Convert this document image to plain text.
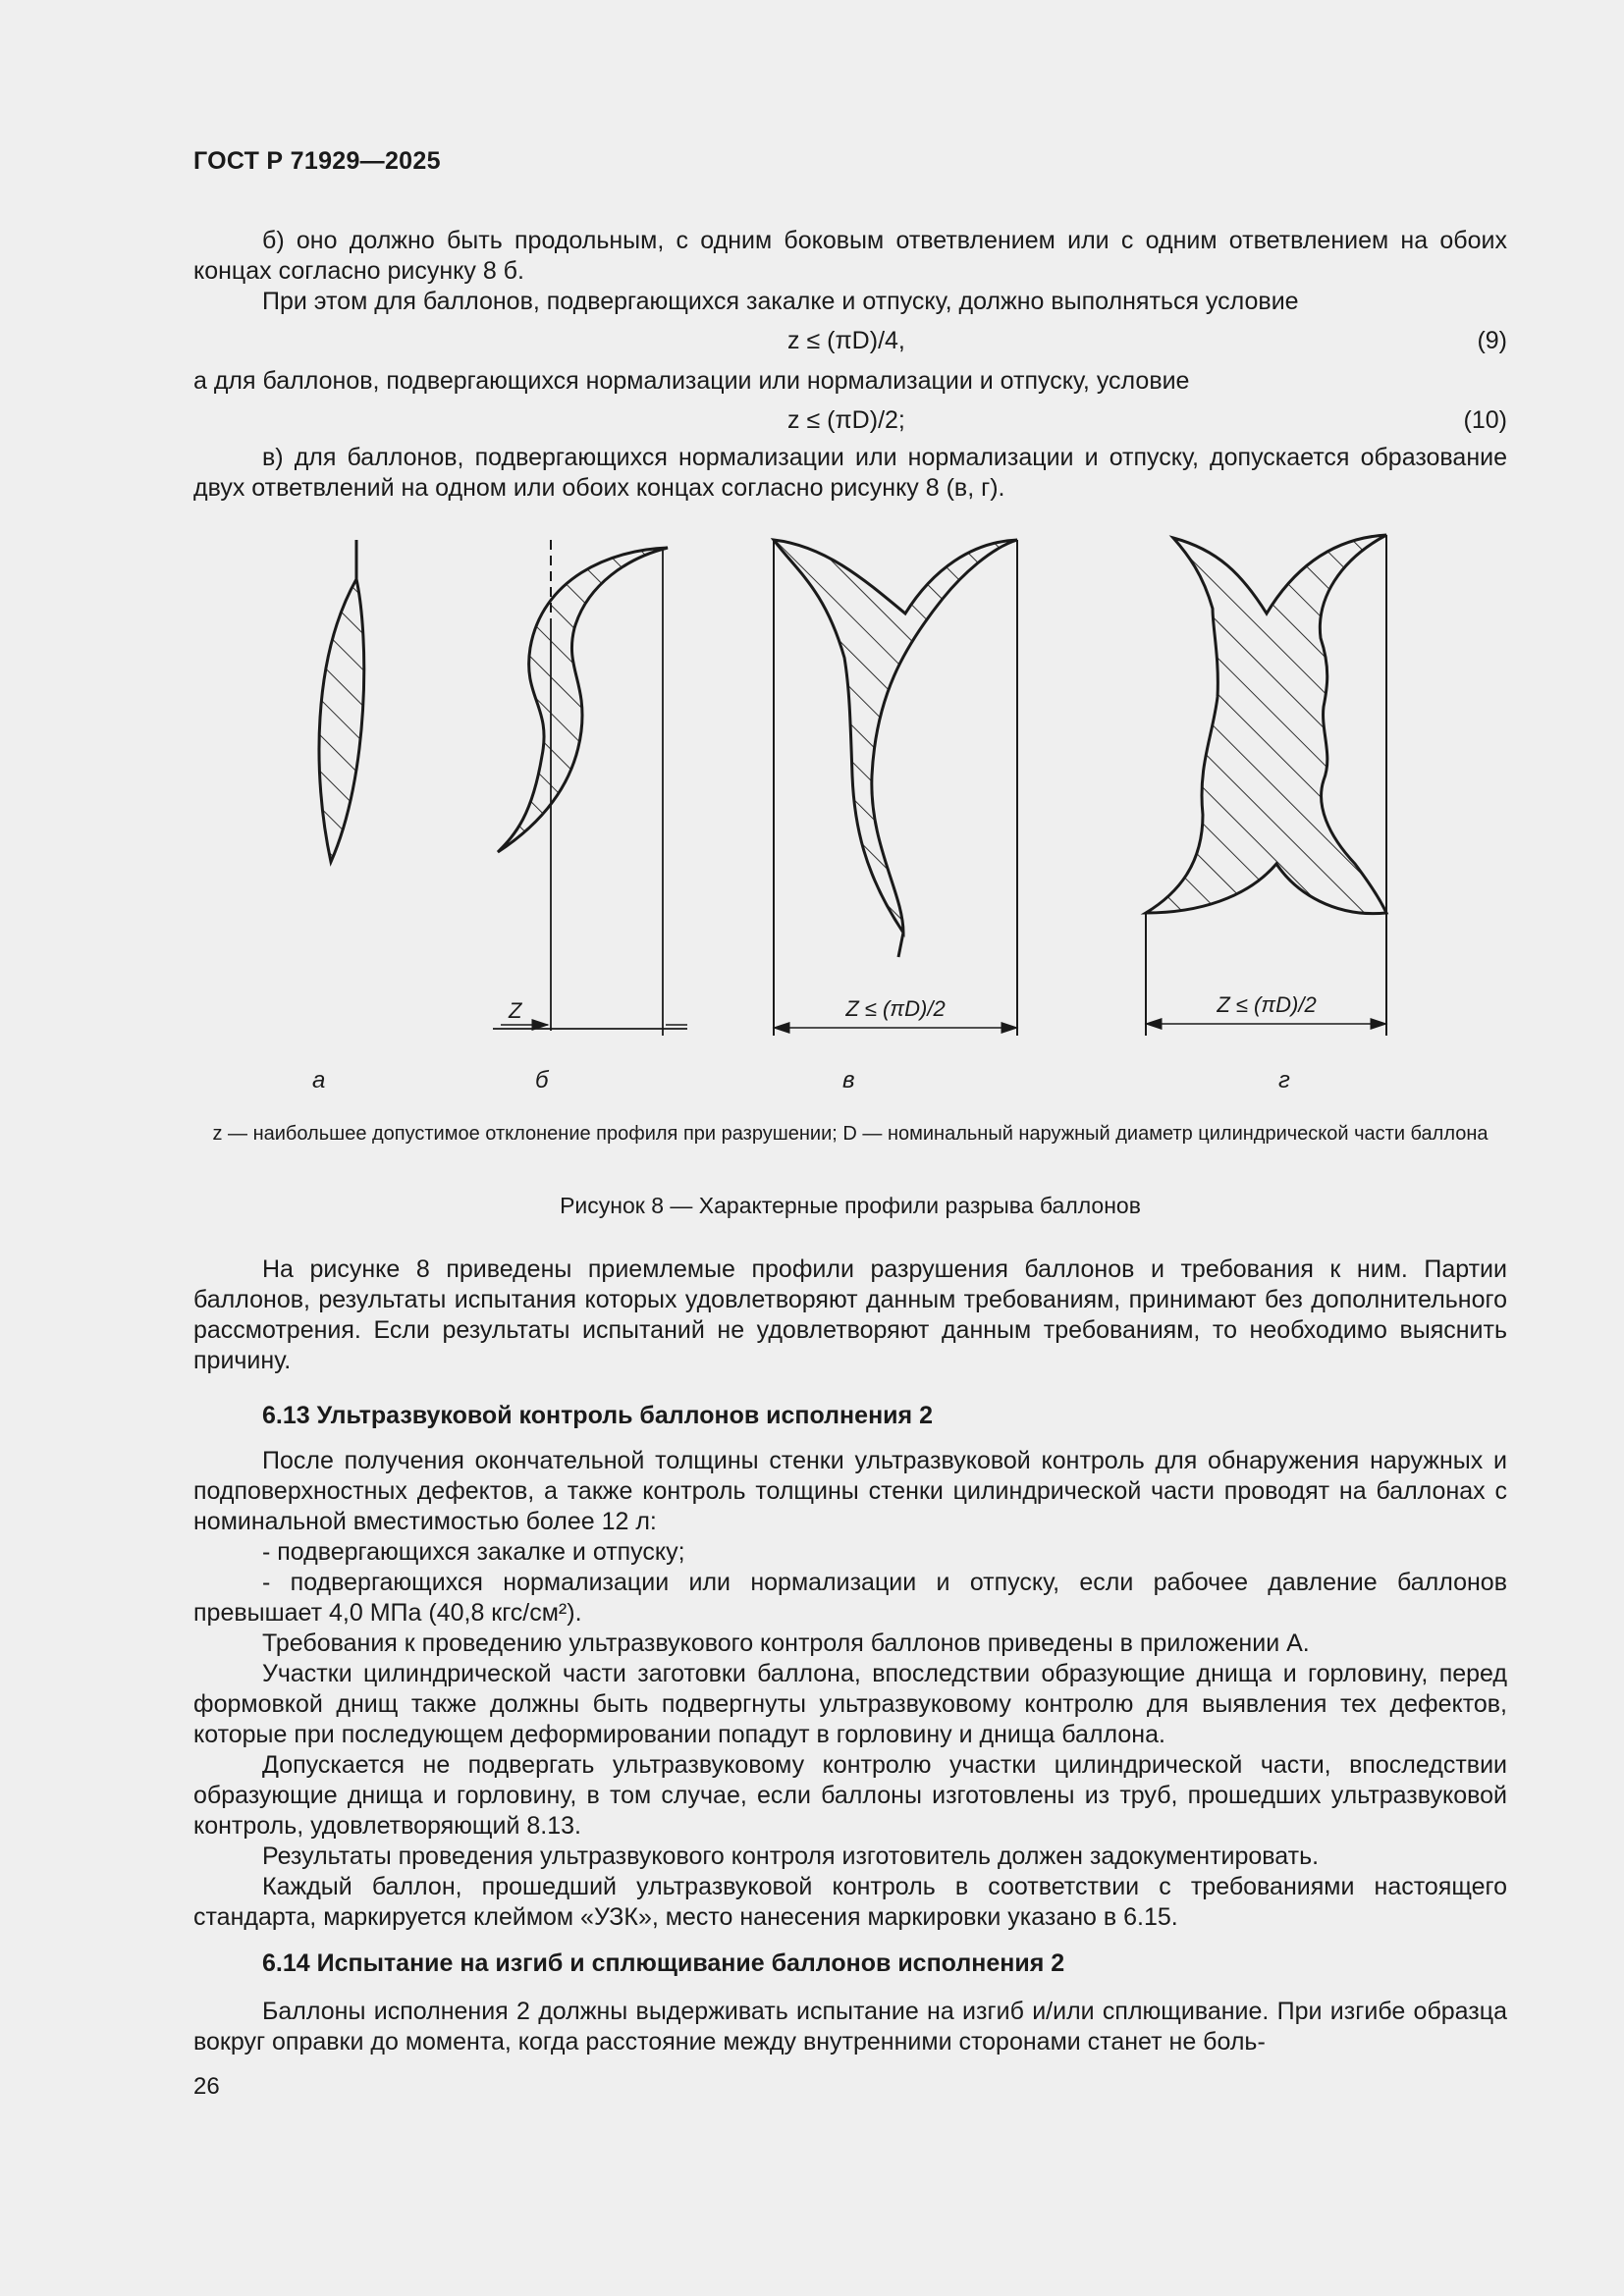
ГОСТ Р 71929—2025

б) оно должно быть продольным, с одним боковым ответвлением или с одним ответвлением на обоих концах согласно рисунку 8 б.

При этом для баллонов, подвергающихся закалке и отпуску, должно выполняться условие

z ≤ (πD)/4,	(9)

а для баллонов, подвергающихся нормализации или нормализации и отпуску, условие

z ≤ (πD)/2;	(10)

в) для баллонов, подвергающихся нормализации или нормализации и отпуску, допускается образование двух ответвлений на одном или обоих концах согласно рисунку 8 (в, г).

Z	Z ≤ (πD)/2	Z ≤ (πD)/2
а	б	в	г
z — наибольшее допустимое отклонение профиля при разрушении; D — номинальный наружный диаметр цилиндрической части баллона
Рисунок 8 — Характерные профили разрыва баллонов

На рисунке 8 приведены приемлемые профили разрушения баллонов и требования к ним. Партии баллонов, результаты испытания которых удовлетворяют данным требованиям, принимают без дополнительного рассмотрения. Если результаты испытаний не удовлетворяют данным требованиям, то необходимо выяснить причину.

6.13 Ультразвуковой контроль баллонов исполнения 2

После получения окончательной толщины стенки ультразвуковой контроль для обнаружения наружных и подповерхностных дефектов, а также контроль толщины стенки цилиндрической части проводят на баллонах с номинальной вместимостью более 12 л:

- подвергающихся закалке и отпуску;

- подвергающихся нормализации или нормализации и отпуску, если рабочее давление баллонов превышает 4,0 МПа (40,8 кгс/см²).

Требования к проведению ультразвукового контроля баллонов приведены в приложении А.

Участки цилиндрической части заготовки баллона, впоследствии образующие днища и горловину, перед формовкой днищ также должны быть подвергнуты ультразвуковому контролю для выявления тех дефектов, которые при последующем деформировании попадут в горловину и днища баллона.

Допускается не подвергать ультразвуковому контролю участки цилиндрической части, впоследствии образующие днища и горловину, в том случае, если баллоны изготовлены из труб, прошедших ультразвуковой контроль, удовлетворяющий 8.13.

Результаты проведения ультразвукового контроля изготовитель должен задокументировать.

Каждый баллон, прошедший ультразвуковой контроль в соответствии с требованиями настоящего стандарта, маркируется клеймом «УЗК», место нанесения маркировки указано в 6.15.

6.14 Испытание на изгиб и сплющивание баллонов исполнения 2

Баллоны исполнения 2 должны выдерживать испытание на изгиб и/или сплющивание. При изгибе образца вокруг оправки до момента, когда расстояние между внутренними сторонами станет не боль-

26
